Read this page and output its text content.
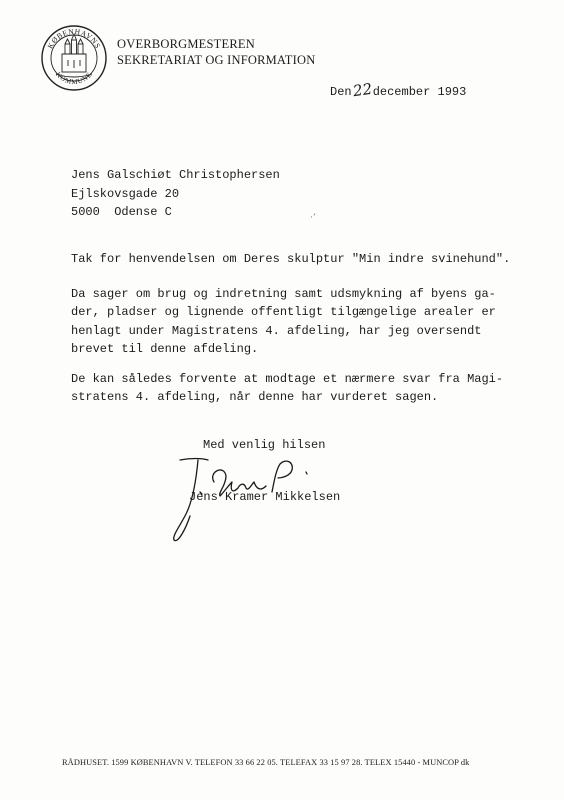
KØBENHAVNS
KOMMUNE
OVERBORGMESTEREN
SEKRETARIAT OG INFORMATION
Den22december 1993
Jens Galschiøt Christophersen
Ejlskovsgade 20
5000  Odense C	·ʼ
Tak for henvendelsen om Deres skulptur "Min indre svinehund".
Da sager om brug og indretning samt udsmykning af byens ga-
der, pladser og lignende offentligt tilgængelige arealer er
henlagt under Magistratens 4. afdeling, har jeg oversendt
brevet til denne afdeling.
De kan således forvente at modtage et nærmere svar fra Magi-
stratens 4. afdeling, når denne har vurderet sagen.
Med venlig hilsen
Jens Kramer Mikkelsen
RÅDHUSET. 1599 KØBENHAVN V. TELEFON 33 66 22 05. TELEFAX 33 15 97 28. TELEX 15440 - MUNCOP dk
